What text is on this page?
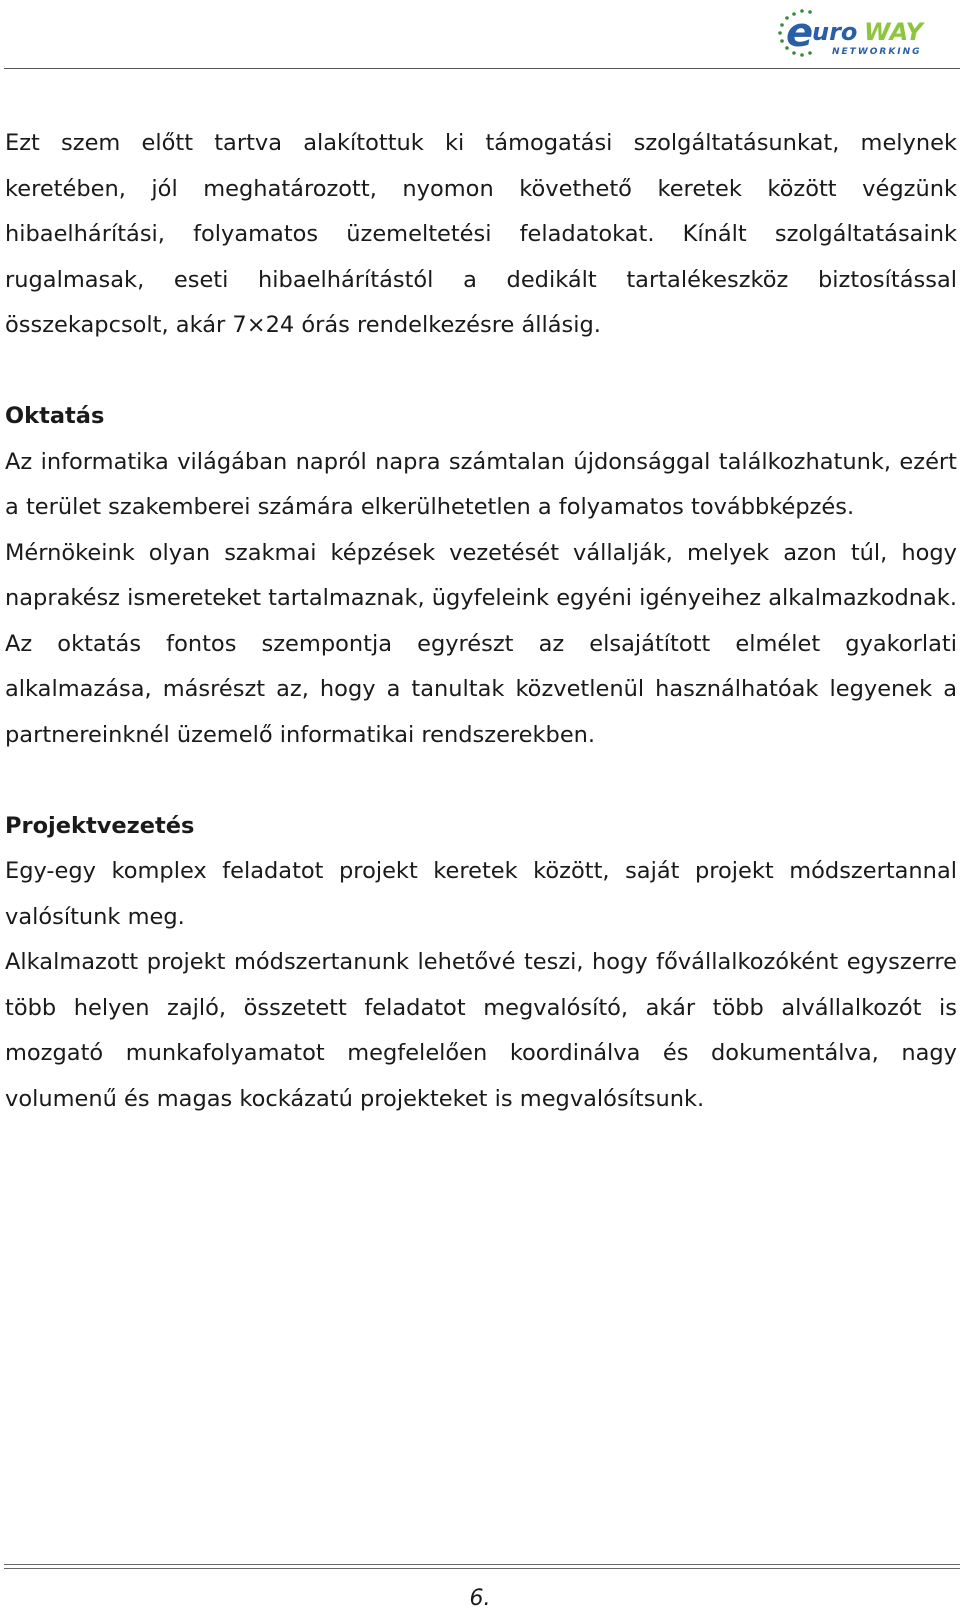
e
uro WAY
NETWORKING

Ezt szem előtt tartva alakítottuk ki támogatási szolgáltatásunkat, melynek keretében, jól meghatározott, nyomon követhető keretek között végzünk hibaelhárítási, folyamatos üzemeltetési feladatokat. Kínált szolgáltatásaink rugalmasak, eseti hibaelhárítástól a dedikált tartalékeszköz biztosítással összekapcsolt, akár 7×24 órás rendelkezésre állásig.

Oktatás

Az informatika világában napról napra számtalan újdonsággal találkozhatunk, ezért a terület szakemberei számára elkerülhetetlen a folyamatos továbbképzés.

Mérnökeink olyan szakmai képzések vezetését vállalják, melyek azon túl, hogy naprakész ismereteket tartalmaznak, ügyfeleink egyéni igényeihez alkalmazkodnak.

Az oktatás fontos szempontja egyrészt az elsajátított elmélet gyakorlati alkalmazása, másrészt az, hogy a tanultak közvetlenül használhatóak legyenek a partnereinknél üzemelő informatikai rendszerekben.

Projektvezetés

Egy-egy komplex feladatot projekt keretek között, saját projekt módszertannal valósítunk meg.

Alkalmazott projekt módszertanunk lehetővé teszi, hogy fővállalkozóként egyszerre több helyen zajló, összetett feladatot megvalósító, akár több alvállalkozót is mozgató munkafolyamatot megfelelően koordinálva és dokumentálva, nagy volumenű és magas kockázatú projekteket is megvalósítsunk.

6.
